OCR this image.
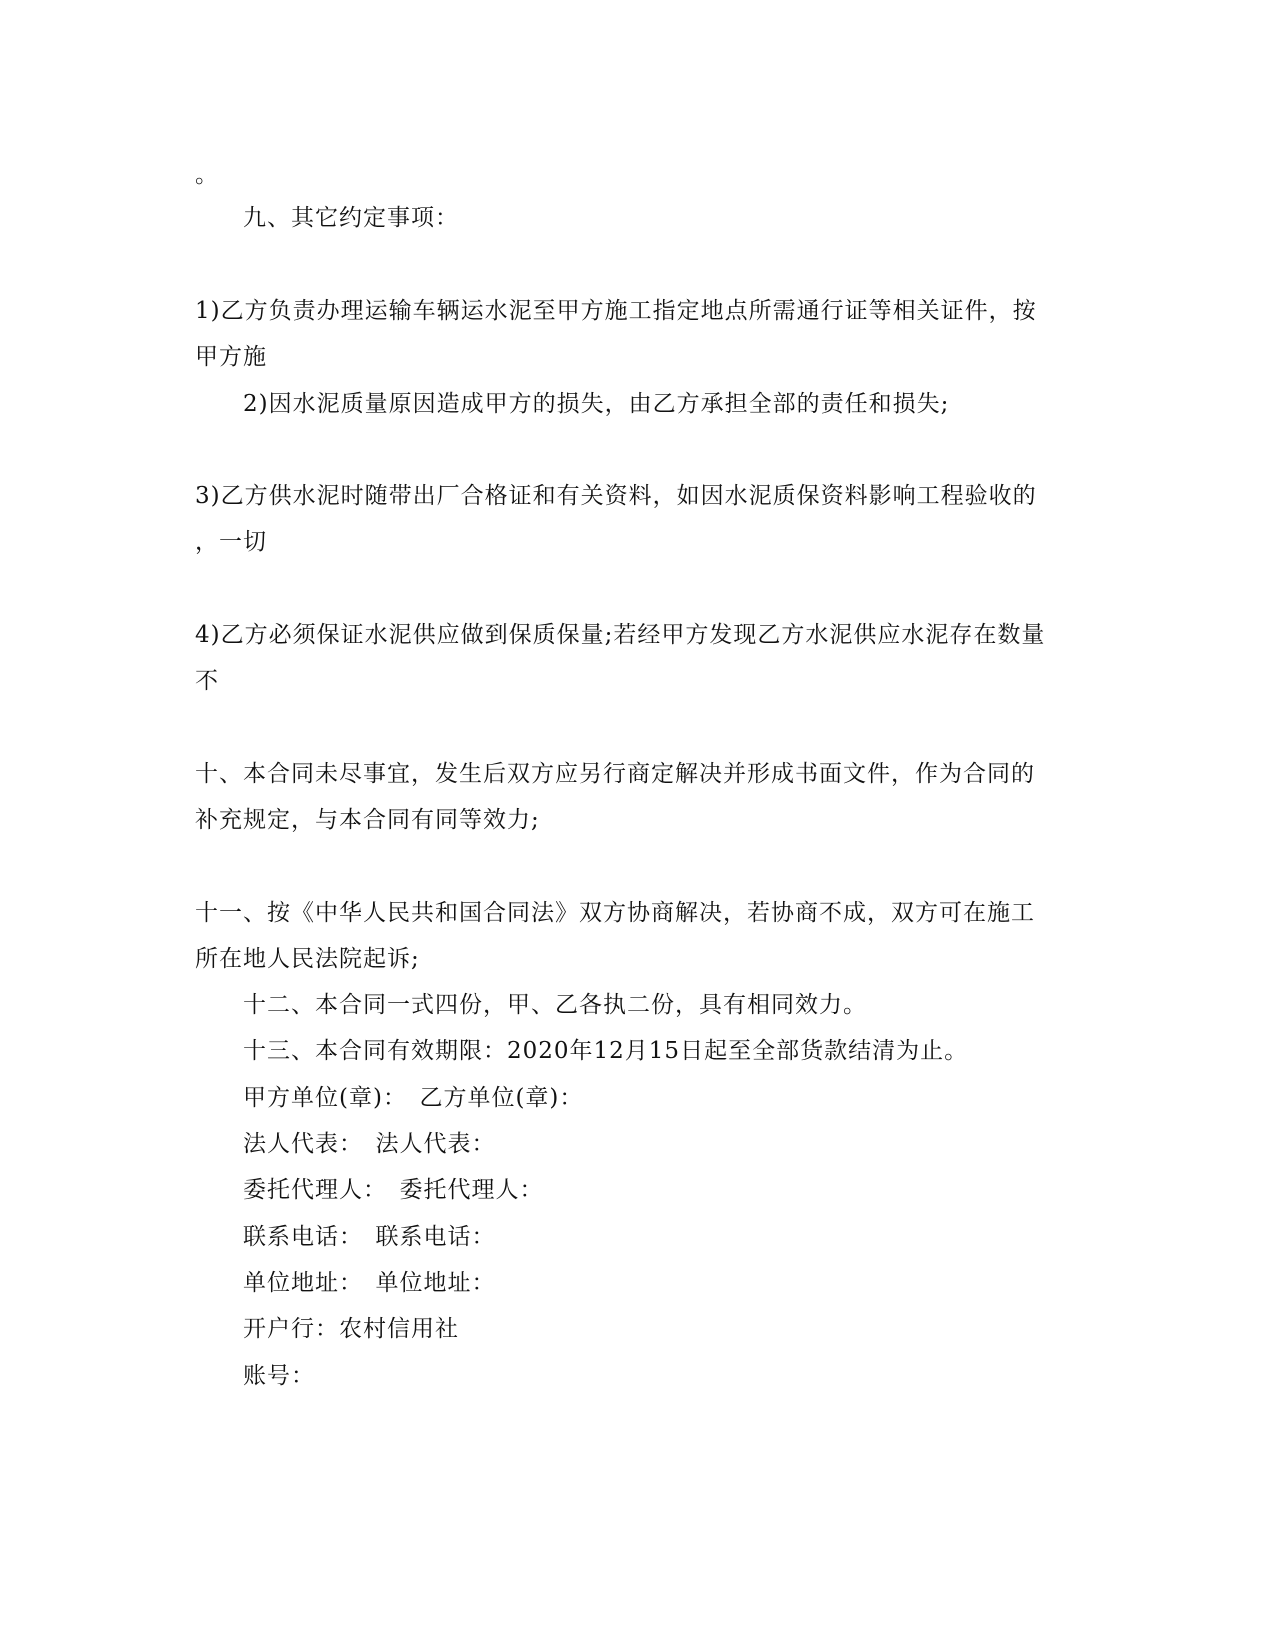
。
九、其它约定事项：
1)乙方负责办理运输车辆运水泥至甲方施工指定地点所需通行证等相关证件，按
甲方施
2)因水泥质量原因造成甲方的损失，由乙方承担全部的责任和损失;
3)乙方供水泥时随带出厂合格证和有关资料，如因水泥质保资料影响工程验收的
，一切
4)乙方必须保证水泥供应做到保质保量;若经甲方发现乙方水泥供应水泥存在数量
不
十、本合同未尽事宜，发生后双方应另行商定解决并形成书面文件，作为合同的
补充规定，与本合同有同等效力;
十一、按《中华人民共和国合同法》双方协商解决，若协商不成，双方可在施工
所在地人民法院起诉;
十二、本合同一式四份，甲、乙各执二份，具有相同效力。
十三、本合同有效期限：2020年12月15日起至全部货款结清为止。
甲方单位(章)：　乙方单位(章)：
法人代表：　法人代表：
委托代理人：　委托代理人：
联系电话：　联系电话：
单位地址：　单位地址：
开户行：农村信用社
账号：
